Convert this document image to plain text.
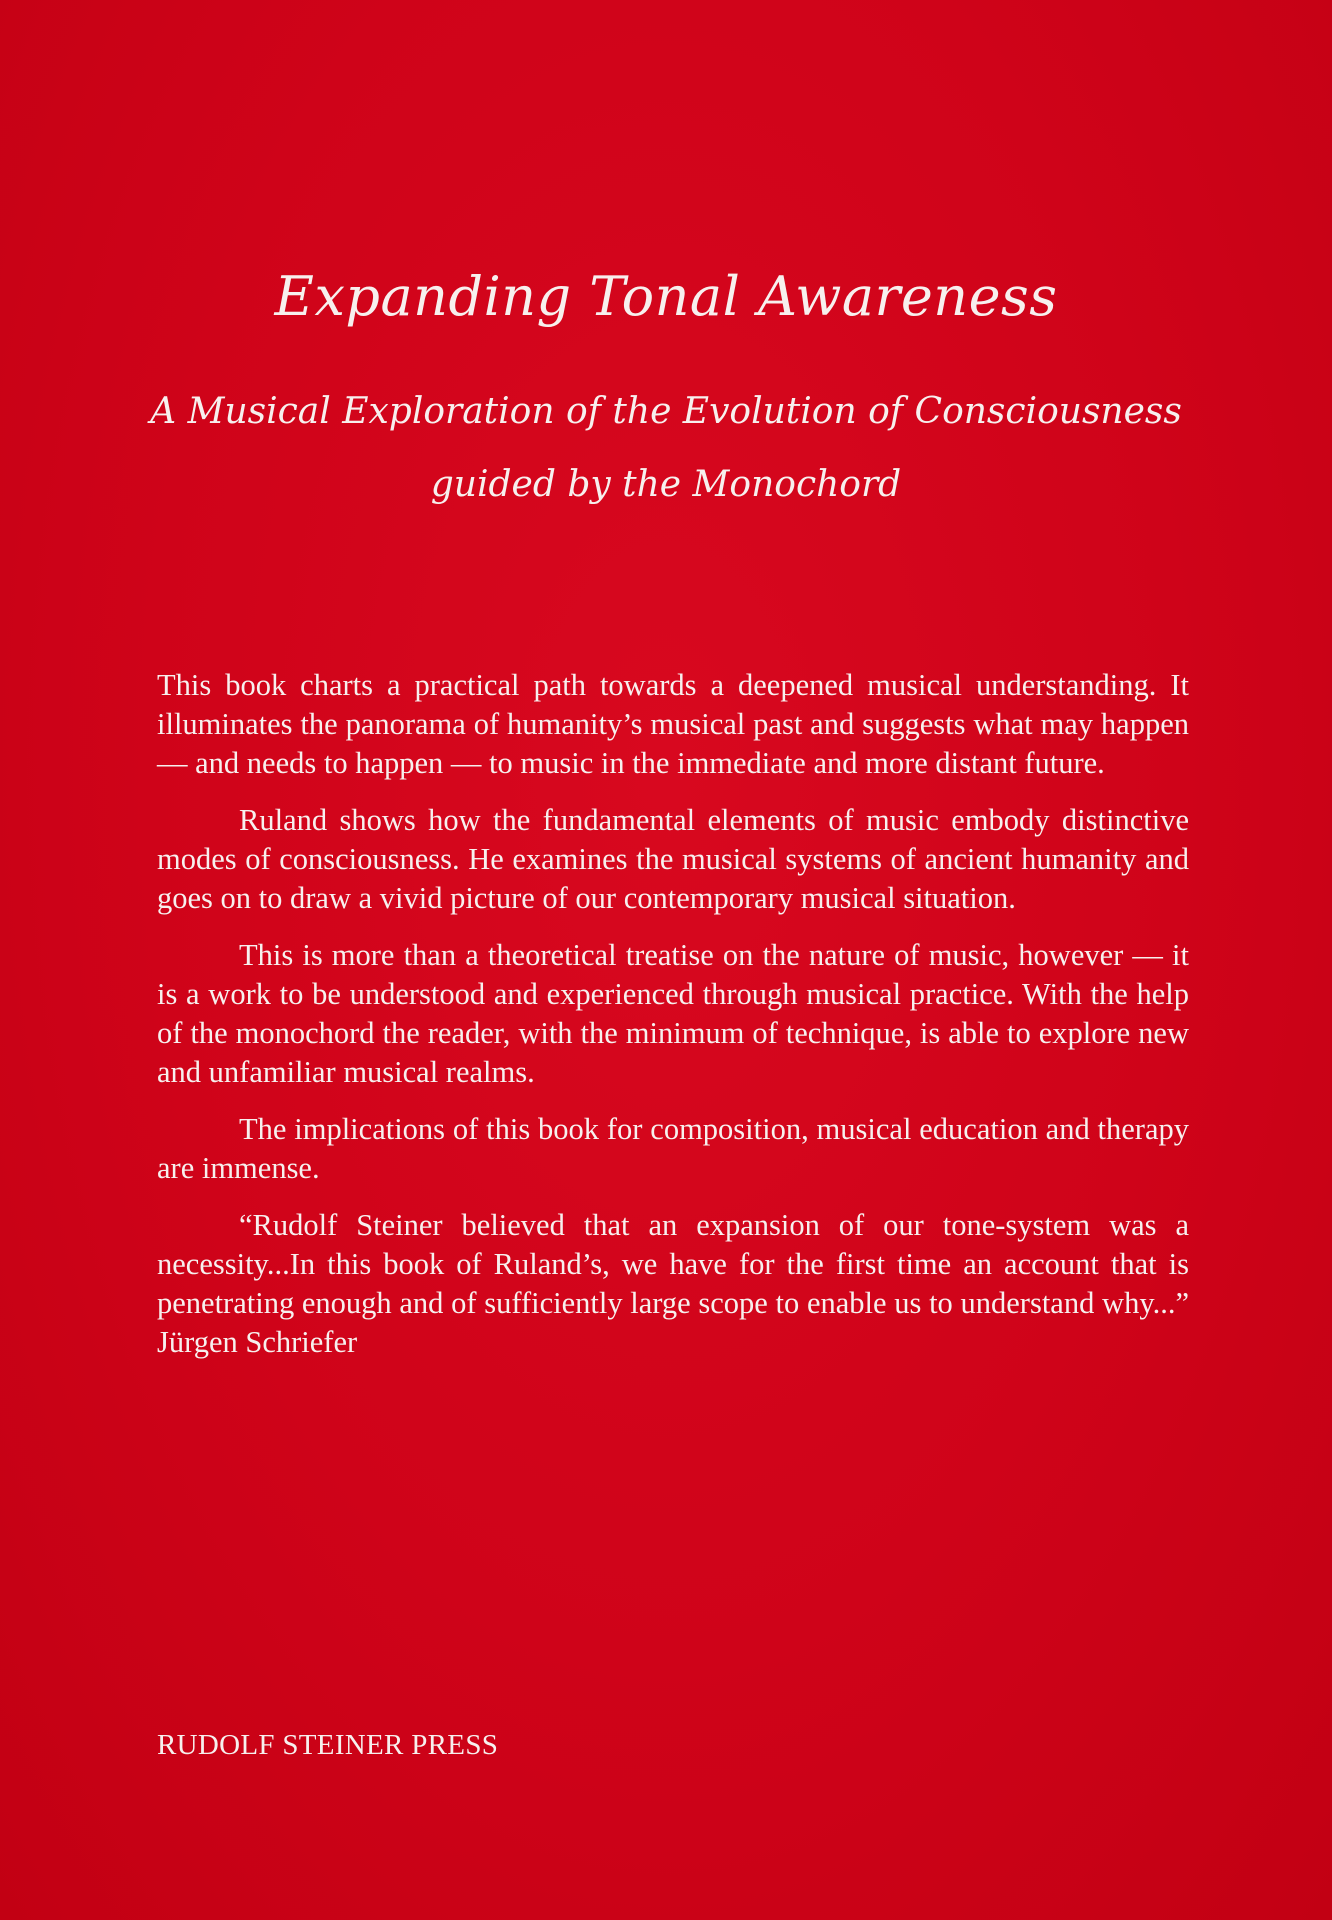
Expanding Tonal Awareness
A Musical Exploration of the Evolution of Consciousness
guided by the Monochord

This book charts a practical path towards a deepened musical understanding. It illuminates the panorama of humanity’s musical past and suggests what may happen — and needs to happen — to music in the immediate and more distant future.

Ruland shows how the fundamental elements of music embody distinctive modes of consciousness. He examines the musical systems of ancient humanity and goes on to draw a vivid picture of our contemporary musical situation.

This is more than a theoretical treatise on the nature of music, however — it is a work to be understood and experienced through musical practice. With the help of the monochord the reader, with the minimum of technique, is able to explore new and unfamiliar musical realms.

The implications of this book for composition, musical education and therapy are immense.

“Rudolf Steiner believed that an expansion of our tone-system was a necessity...In this book of Ruland’s, we have for the first time an account that is penetrating enough and of sufficiently large scope to enable us to understand why...” Jürgen Schriefer

RUDOLF STEINER PRESS
